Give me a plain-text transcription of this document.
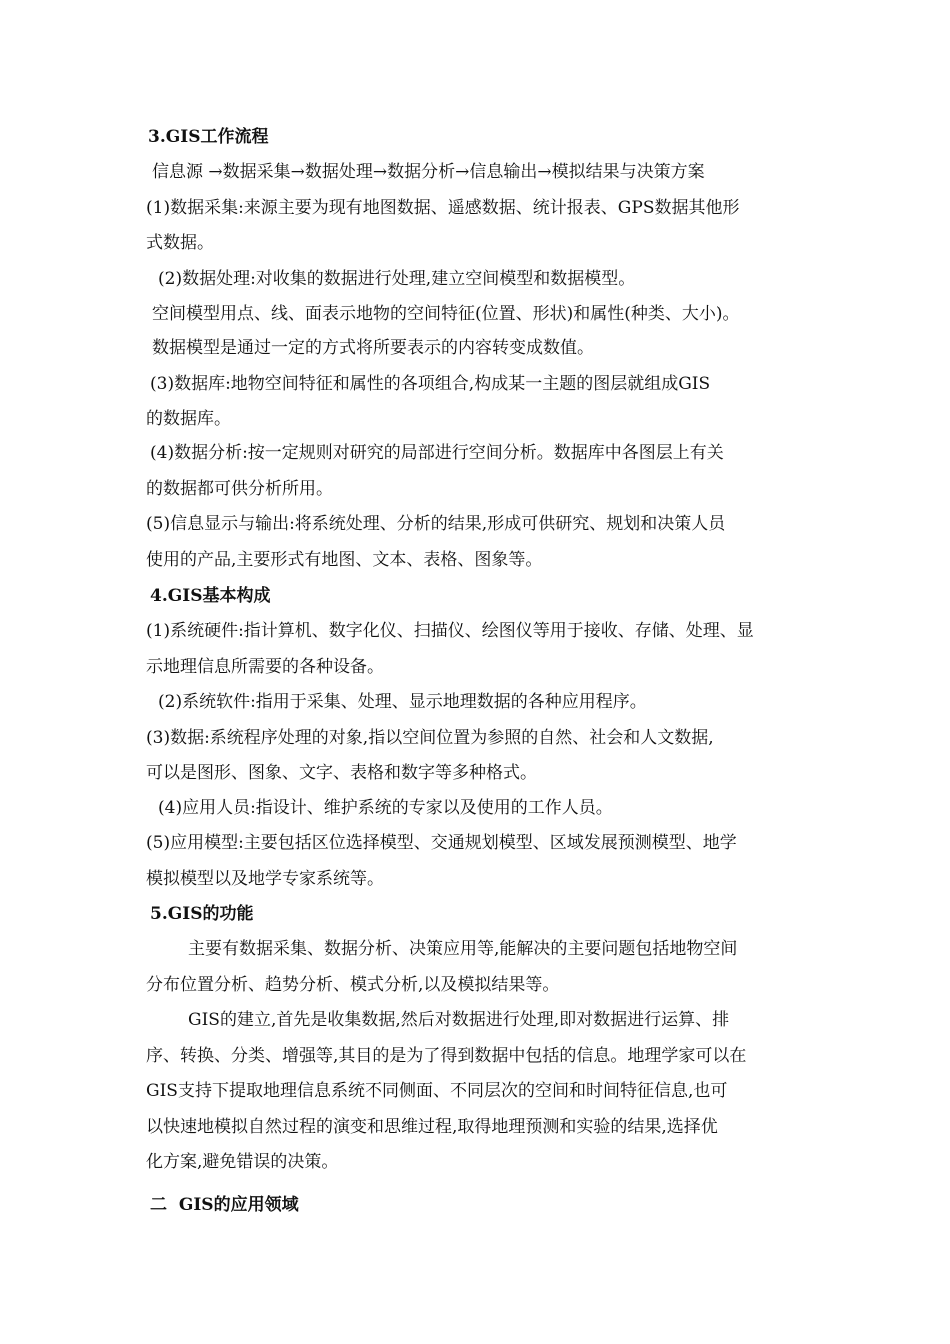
3.GIS工作流程
信息源 →数据采集→数据处理→数据分析→信息输出→模拟结果与决策方案
(1)数据采集:来源主要为现有地图数据、遥感数据、统计报表、GPS数据其他形
式数据。
(2)数据处理:对收集的数据进行处理,建立空间模型和数据模型。
空间模型用点、线、面表示地物的空间特征(位置、形状)和属性(种类、大小)。
数据模型是通过一定的方式将所要表示的内容转变成数值。
(3)数据库:地物空间特征和属性的各项组合,构成某一主题的图层就组成GIS
的数据库。
(4)数据分析:按一定规则对研究的局部进行空间分析。数据库中各图层上有关
的数据都可供分析所用。
(5)信息显示与输出:将系统处理、分析的结果,形成可供研究、规划和决策人员
使用的产品,主要形式有地图、文本、表格、图象等。
4.GIS基本构成
(1)系统硬件:指计算机、数字化仪、扫描仪、绘图仪等用于接收、存储、处理、显
示地理信息所需要的各种设备。
(2)系统软件:指用于采集、处理、显示地理数据的各种应用程序。
(3)数据:系统程序处理的对象,指以空间位置为参照的自然、社会和人文数据,
可以是图形、图象、文字、表格和数字等多种格式。
(4)应用人员:指设计、维护系统的专家以及使用的工作人员。
(5)应用模型:主要包括区位选择模型、交通规划模型、区域发展预测模型、地学
模拟模型以及地学专家系统等。
5.GIS的功能
主要有数据采集、数据分析、决策应用等,能解决的主要问题包括地物空间
分布位置分析、趋势分析、模式分析,以及模拟结果等。
GIS的建立,首先是收集数据,然后对数据进行处理,即对数据进行运算、排
序、转换、分类、增强等,其目的是为了得到数据中包括的信息。地理学家可以在
GIS支持下提取地理信息系统不同侧面、不同层次的空间和时间特征信息,也可
以快速地模拟自然过程的演变和思维过程,取得地理预测和实验的结果,选择优
化方案,避免错误的决策。
二  GIS的应用领域
